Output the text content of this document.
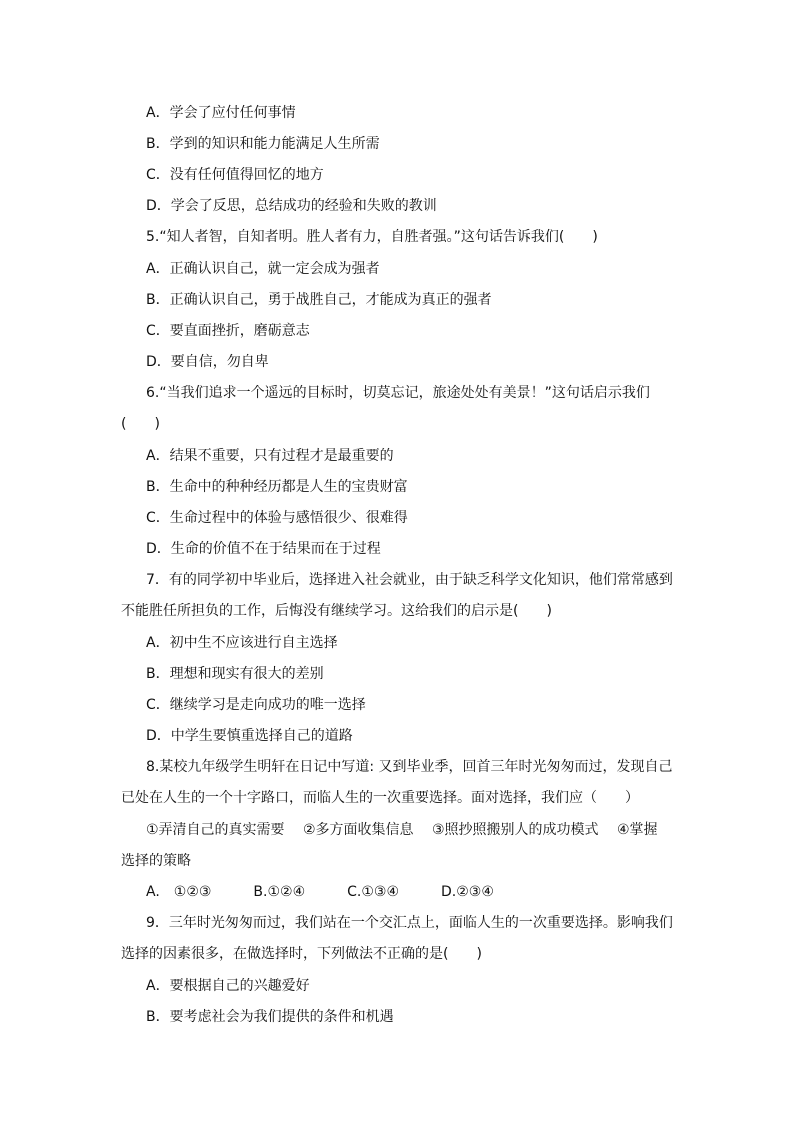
A．学会了应付任何事情
B．学到的知识和能力能满足人生所需
C．没有任何值得回忆的地方
D．学会了反思，总结成功的经验和失败的教训
5.“知人者智，自知者明。胜人者有力，自胜者强。”这句话告诉我们(　　)
A．正确认识自己，就一定会成为强者
B．正确认识自己，勇于战胜自己，才能成为真正的强者
C．要直面挫折，磨砺意志
D．要自信，勿自卑
6.“当我们追求一个遥远的目标时，切莫忘记，旅途处处有美景！”这句话启示我们
(　　)
A．结果不重要，只有过程才是最重要的
B．生命中的种种经历都是人生的宝贵财富
C．生命过程中的体验与感悟很少、很难得
D．生命的价值不在于结果而在于过程
7．有的同学初中毕业后，选择进入社会就业，由于缺乏科学文化知识，他们常常感到
不能胜任所担负的工作，后悔没有继续学习。这给我们的启示是(　　)
A．初中生不应该进行自主选择
B．理想和现实有很大的差别
C．继续学习是走向成功的唯一选择
D．中学生要慎重选择自己的道路
8.某校九年级学生明轩在日记中写道: 又到毕业季，回首三年时光匆匆而过，发现自己
已处在人生的一个十字路口，而临人生的一次重要选择。面对选择，我们应（　　）
①弄清自己的真实需要　 ②多方面收集信息　 ③照抄照搬别人的成功模式　 ④掌握
选择的策略
A.　①②③　　　B.①②④　　　C.①③④　　　D.②③④
9．三年时光匆匆而过，我们站在一个交汇点上，面临人生的一次重要选择。影响我们
选择的因素很多，在做选择时，下列做法不正确的是(　　)
A．要根据自己的兴趣爱好
B．要考虑社会为我们提供的条件和机遇
